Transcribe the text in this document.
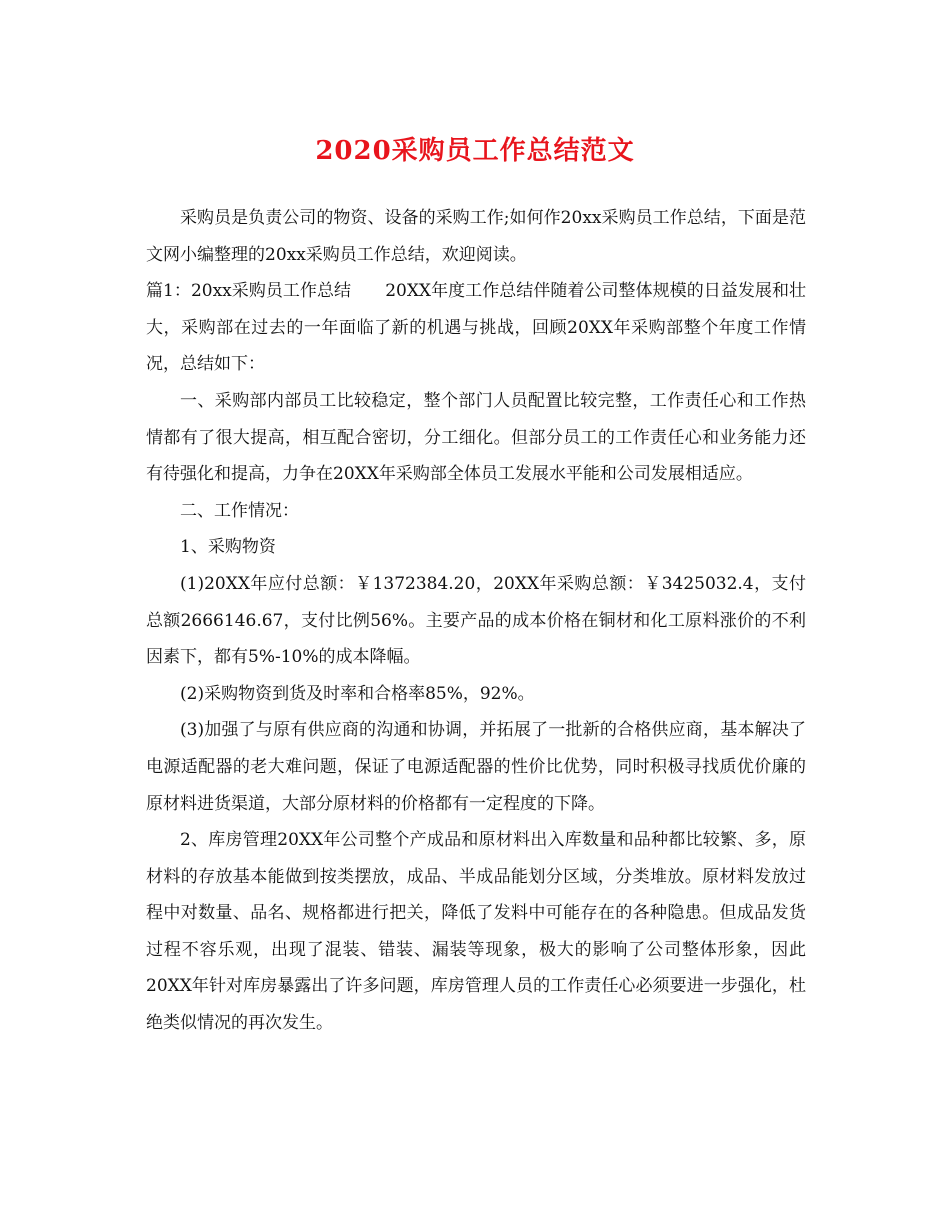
2020采购员工作总结范文

采购员是负责公司的物资、设备的采购工作;如何作20xx采购员工作总结，下面是范文网小编整理的20xx采购员工作总结，欢迎阅读。

篇1：20xx采购员工作总结　　20XX年度工作总结伴随着公司整体规模的日益发展和壮大，采购部在过去的一年面临了新的机遇与挑战，回顾20XX年采购部整个年度工作情况，总结如下：

一、采购部内部员工比较稳定，整个部门人员配置比较完整，工作责任心和工作热情都有了很大提高，相互配合密切，分工细化。但部分员工的工作责任心和业务能力还有待强化和提高，力争在20XX年采购部全体员工发展水平能和公司发展相适应。

二、工作情况：

1、采购物资

(1)20XX年应付总额：￥1372384.20，20XX年采购总额：￥3425032.4，支付总额2666146.67，支付比例56%。主要产品的成本价格在铜材和化工原料涨价的不利因素下，都有5%-10%的成本降幅。

(2)采购物资到货及时率和合格率85%，92%。

(3)加强了与原有供应商的沟通和协调，并拓展了一批新的合格供应商，基本解决了电源适配器的老大难问题，保证了电源适配器的性价比优势，同时积极寻找质优价廉的原材料进货渠道，大部分原材料的价格都有一定程度的下降。

2、库房管理20XX年公司整个产成品和原材料出入库数量和品种都比较繁、多，原材料的存放基本能做到按类摆放，成品、半成品能划分区域，分类堆放。原材料发放过程中对数量、品名、规格都进行把关，降低了发料中可能存在的各种隐患。但成品发货过程不容乐观，出现了混装、错装、漏装等现象，极大的影响了公司整体形象，因此20XX年针对库房暴露出了许多问题，库房管理人员的工作责任心必须要进一步强化，杜绝类似情况的再次发生。
